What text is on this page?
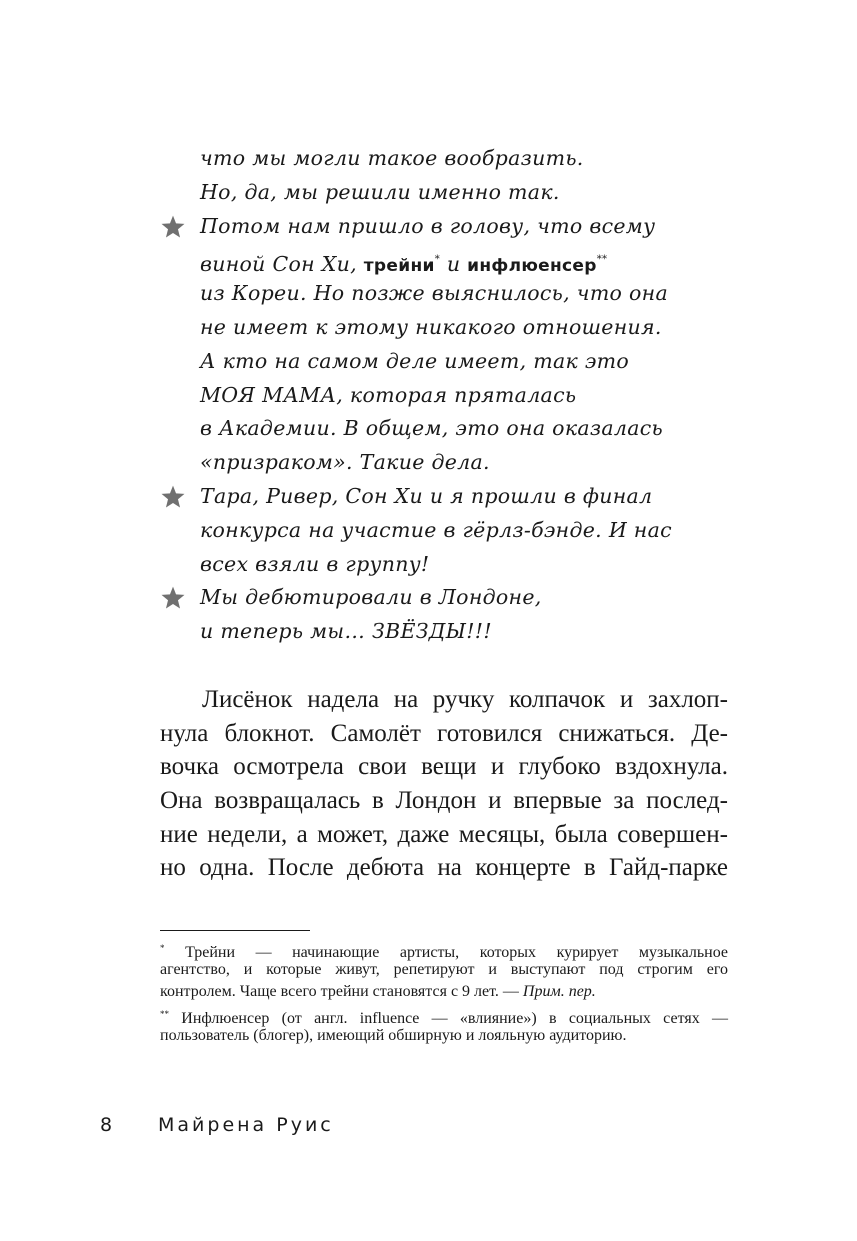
что мы могли такое вообразить.
Но, да, мы решили именно так.
Потом нам пришло в голову, что всему
виной Сон Хи, трейни* и инфлюенсер**
из Кореи. Но позже выяснилось, что она
не имеет к этому никакого отношения.
А кто на самом деле имеет, так это
МОЯ МАМА, которая пряталась
в Академии. В общем, это она оказалась
«призраком». Такие дела.
Тара, Ривер, Сон Хи и я прошли в финал
конкурса на участие в гёрлз-бэнде. И нас
всех взяли в группу!
Мы дебютировали в Лондоне,
и теперь мы… ЗВЁЗДЫ!!!
Лисёнок надела на ручку колпачок и захлоп-
нула блокнот. Самолёт готовился снижаться. Де-
вочка осмотрела свои вещи и глубоко вздохнула.
Она возвращалась в Лондон и впервые за послед-
ние недели, а может, даже месяцы, была совершен-
но одна. После дебюта на концерте в Гайд-парке
* Трейни — начинающие артисты, которых курирует музыкальное
агентство, и которые живут, репетируют и выступают под строгим его
контролем. Чаще всего трейни становятся с 9 лет. — Прим. пер.
** Инфлюенсер (от англ. influence — «влияние») в социальных сетях —
пользователь (блогер), имеющий обширную и лояльную аудиторию.
8 Майрена Руис
